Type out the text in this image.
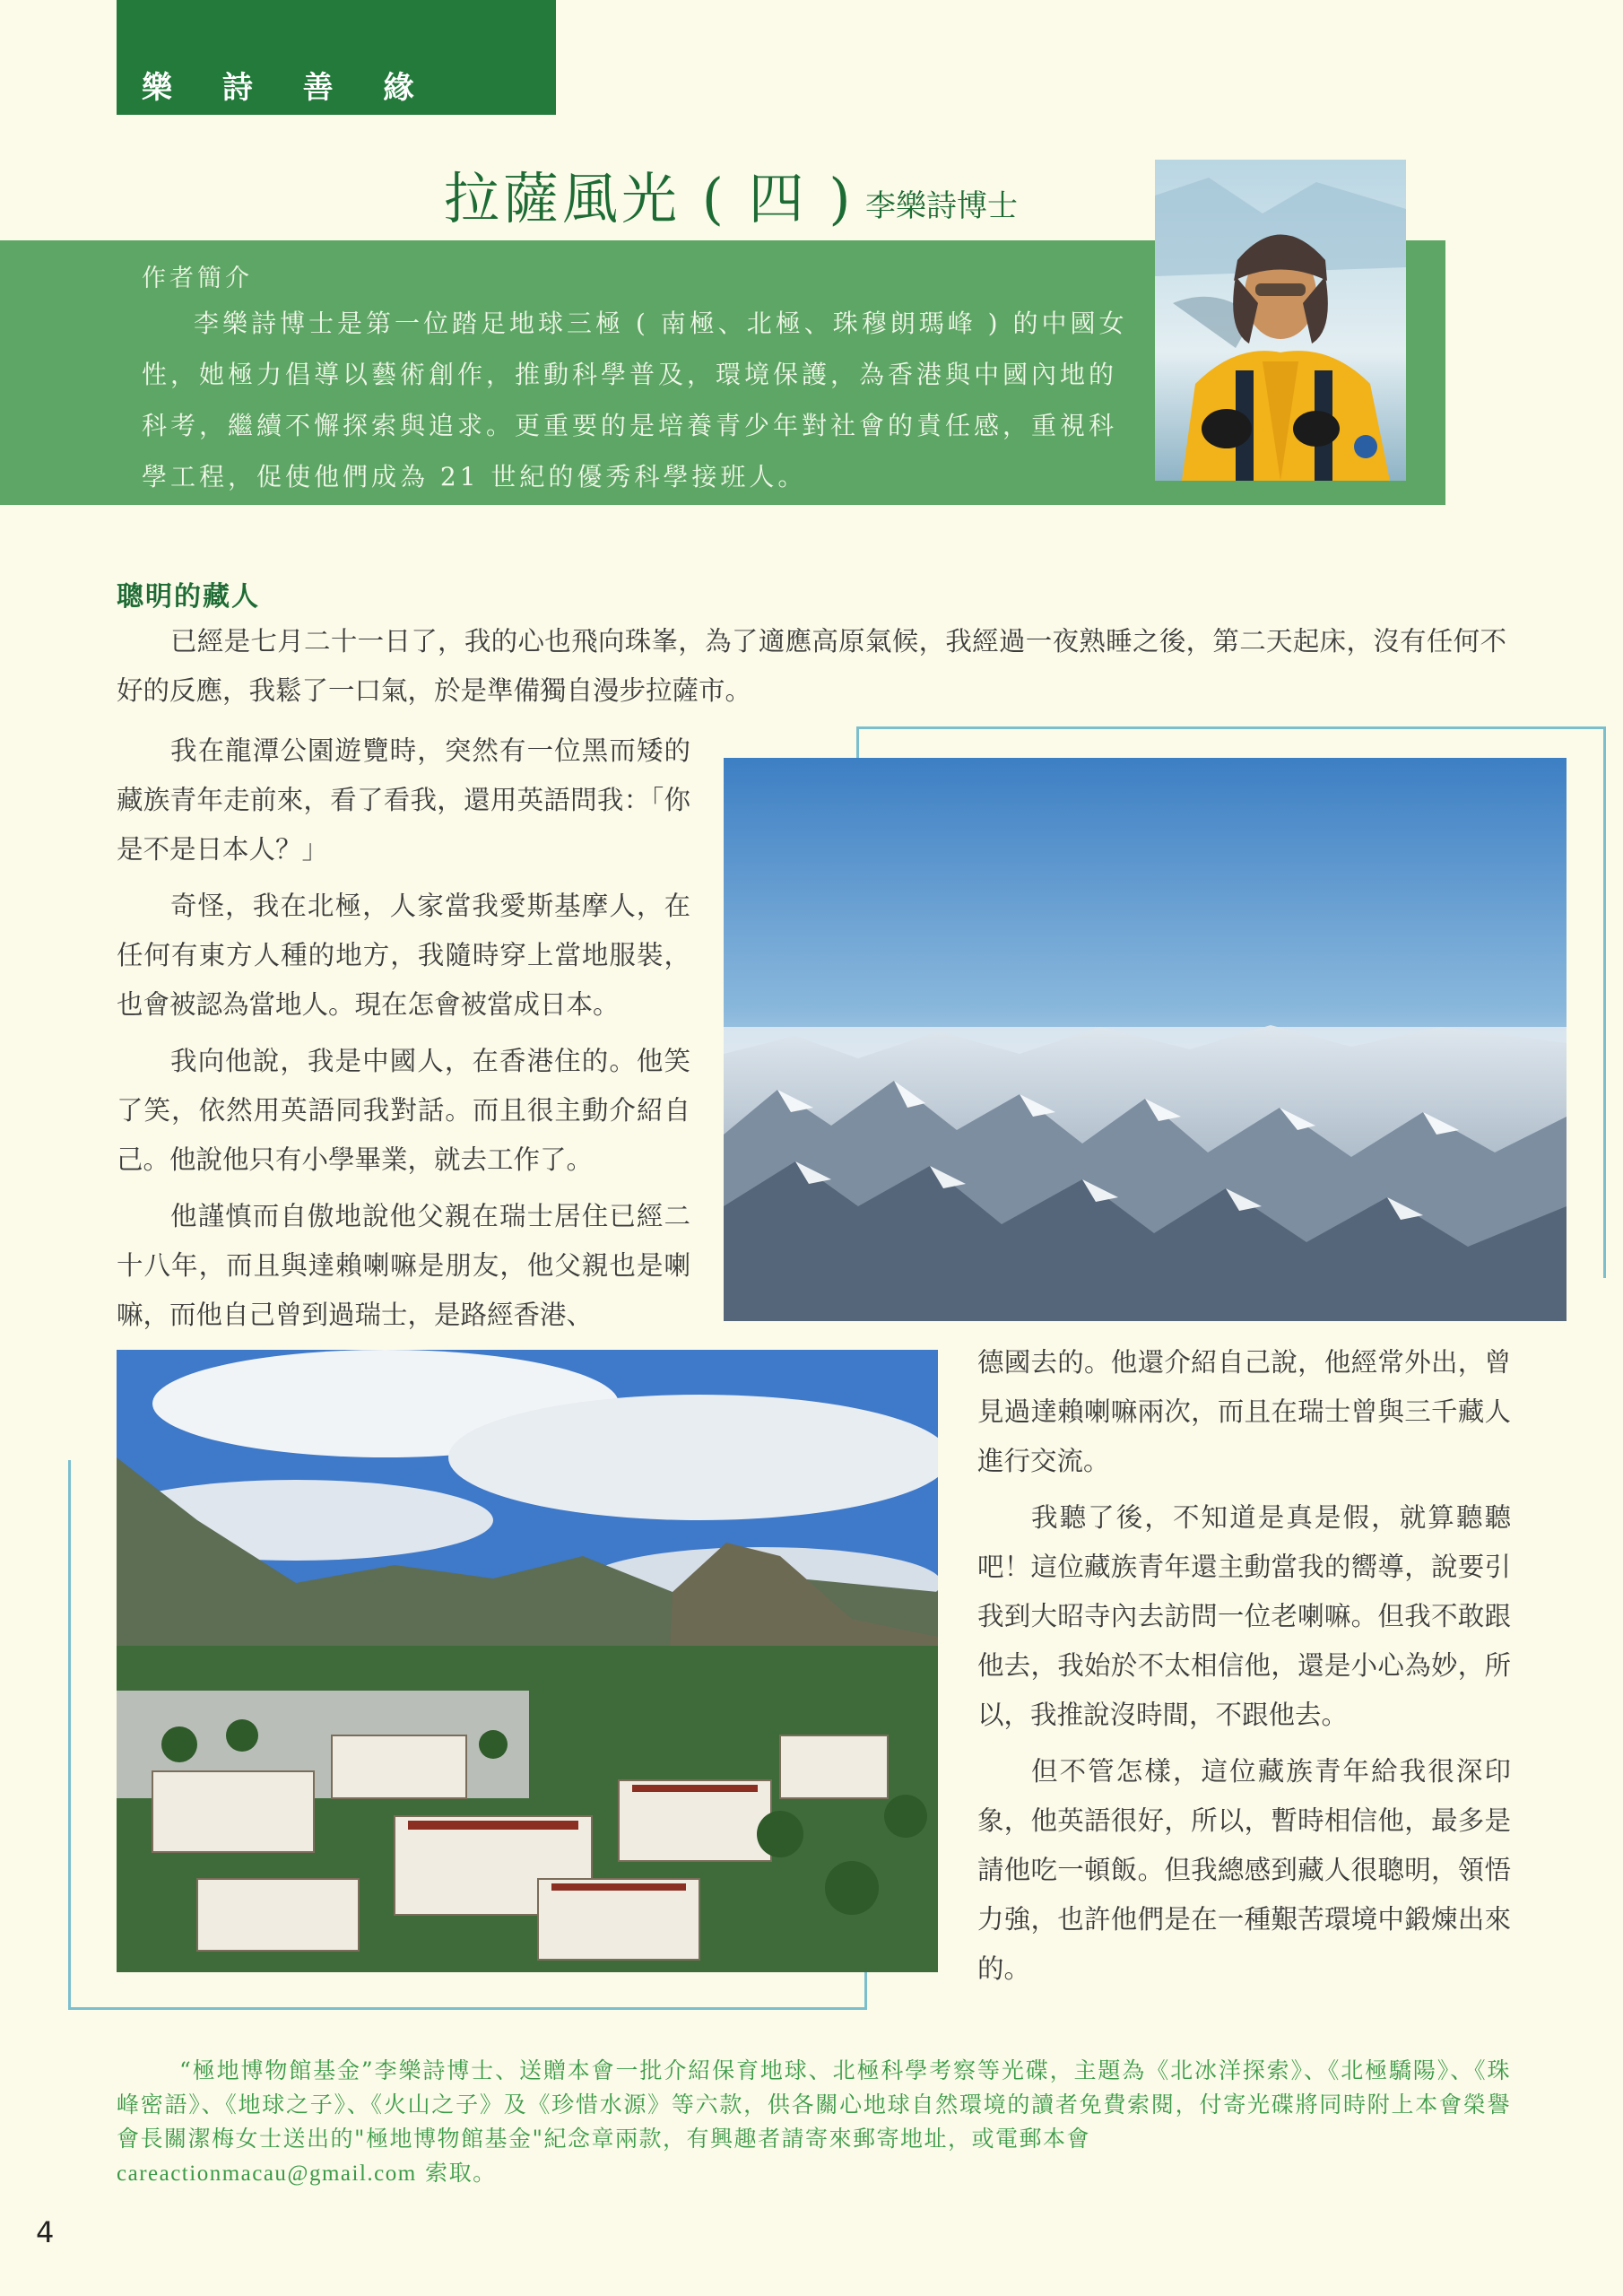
樂 詩 善 緣
拉薩風光 ( 四 ) 李樂詩博士
作者簡介
李樂詩博士是第一位踏足地球三極 ( 南極、北極、珠穆朗瑪峰 ) 的中國女性，她極力倡導以藝術創作，推動科學普及，環境保護，為香港與中國內地的科考，繼續不懈探索與追求。更重要的是培養青少年對社會的責任感，重視科學工程，促使他們成為 21 世紀的優秀科學接班人。
聰明的藏人
已經是七月二十一日了，我的心也飛向珠峯，為了適應高原氣候，我經過一夜熟睡之後，第二天起床，沒有任何不好的反應，我鬆了一口氣，於是準備獨自漫步拉薩市。

我在龍潭公園遊覽時，突然有一位黑而矮的藏族青年走前來，看了看我，還用英語問我：「你是不是日本人？」

奇怪，我在北極，人家當我愛斯基摩人，在任何有東方人種的地方，我隨時穿上當地服裝，也會被認為當地人。現在怎會被當成日本。

我向他說，我是中國人，在香港住的。他笑了笑，依然用英語同我對話。而且很主動介紹自己。他說他只有小學畢業，就去工作了。

他謹慎而自傲地說他父親在瑞士居住已經二十八年，而且與達賴喇嘛是朋友，他父親也是喇嘛，而他自己曾到過瑞士，是路經香港、

德國去的。他還介紹自己說，他經常外出，曾見過達賴喇嘛兩次，而且在瑞士曾與三千藏人進行交流。

我聽了後，不知道是真是假，就算聽聽吧！這位藏族青年還主動當我的嚮導，說要引我到大昭寺內去訪問一位老喇嘛。但我不敢跟他去，我始於不太相信他，還是小心為妙，所以，我推說沒時間，不跟他去。

但不管怎樣，這位藏族青年給我很深印象，他英語很好，所以，暫時相信他，最多是請他吃一頓飯。但我總感到藏人很聰明，領悟力強，也許他們是在一種艱苦環境中鍛煉出來的。

“極地博物館基金”李樂詩博士、送贈本會一批介紹保育地球、北極科學考察等光碟，主題為《北冰洋探索》、《北極驕陽》、《珠峰密語》、《地球之子》、《火山之子》及《珍惜水源》等六款，供各關心地球自然環境的讀者免費索閱，付寄光碟將同時附上本會榮譽會長關潔梅女士送出的"極地博物館基金"紀念章兩款，有興趣者請寄來郵寄地址，或電郵本會
careactionmacau@gmail.com 索取。
4
